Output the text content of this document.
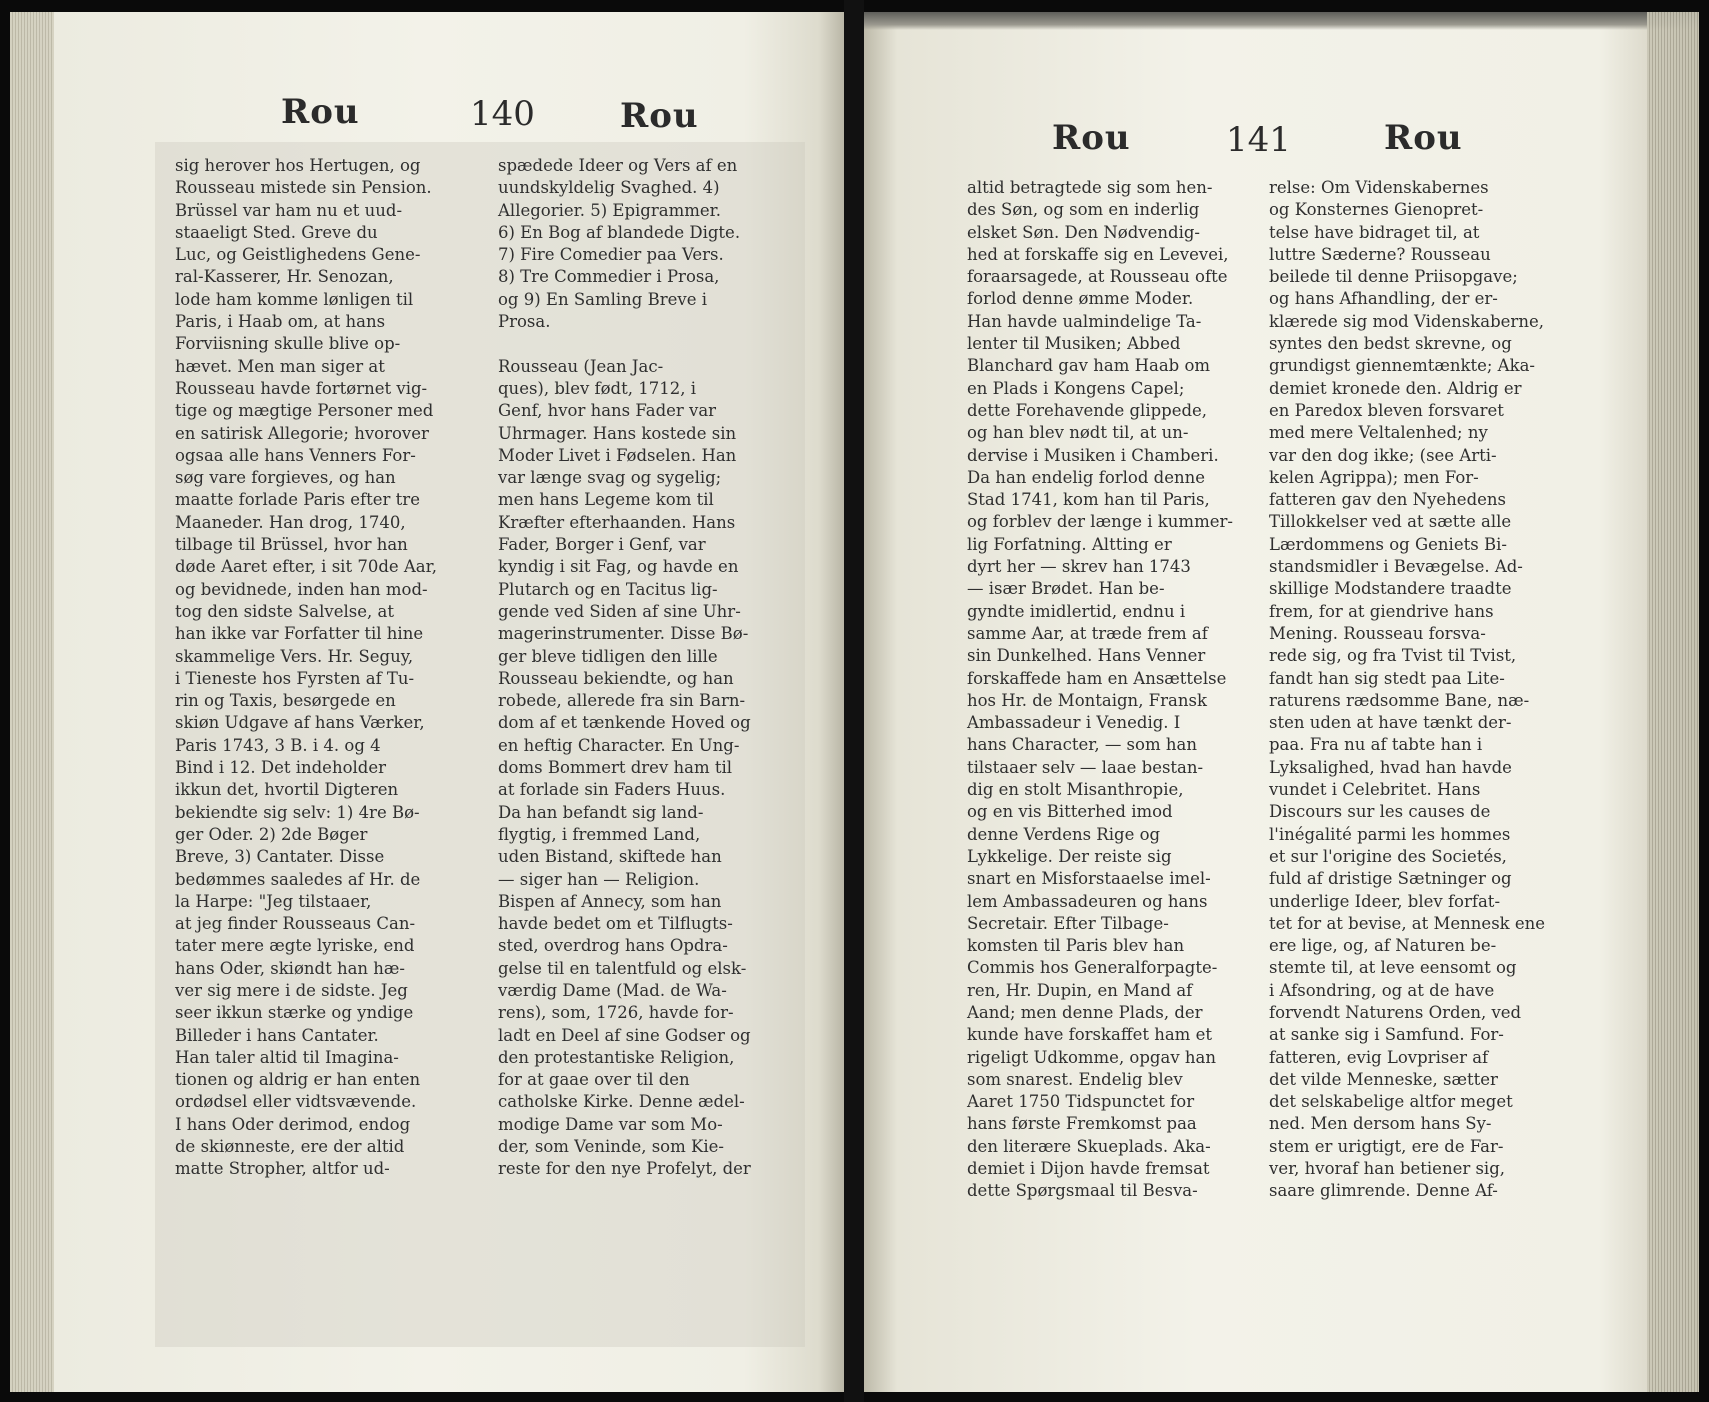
Rou	140	Rou
sig herover hos Hertugen, og
Rousseau mistede sin Pension.
Brüssel var ham nu et uud-
staaeligt Sted. Greve du
Luc, og Geistlighedens Gene-
ral-Kasserer, Hr. Senozan,
lode ham komme lønligen til
Paris, i Haab om, at hans
Forviisning skulle blive op-
hævet. Men man siger at
Rousseau havde fortørnet vig-
tige og mægtige Personer med
en satirisk Allegorie; hvorover
ogsaa alle hans Venners For-
søg vare forgieves, og han
maatte forlade Paris efter tre
Maaneder. Han drog, 1740,
tilbage til Brüssel, hvor han
døde Aaret efter, i sit 70de Aar,
og bevidnede, inden han mod-
tog den sidste Salvelse, at
han ikke var Forfatter til hine
skammelige Vers. Hr. Seguy,
i Tieneste hos Fyrsten af Tu-
rin og Taxis, besørgede en
skiøn Udgave af hans Værker,
Paris 1743, 3 B. i 4. og 4
Bind i 12. Det indeholder
ikkun det, hvortil Digteren
bekiendte sig selv: 1) 4re Bø-
ger Oder. 2) 2de Bøger
Breve, 3) Cantater. Disse
bedømmes saaledes af Hr. de
la Harpe: "Jeg tilstaaer,
at jeg finder Rousseaus Can-
tater mere ægte lyriske, end
hans Oder, skiøndt han hæ-
ver sig mere i de sidste. Jeg
seer ikkun stærke og yndige
Billeder i hans Cantater.
Han taler altid til Imagina-
tionen og aldrig er han enten
ordødsel eller vidtsvævende.
I hans Oder derimod, endog
de skiønneste, ere der altid
matte Stropher, altfor ud-
spædede Ideer og Vers af en
uundskyldelig Svaghed. 4)
Allegorier. 5) Epigrammer.
6) En Bog af blandede Digte.
7) Fire Comedier paa Vers.
8) Tre Commedier i Prosa,
og 9) En Samling Breve i
Prosa.
Rousseau (Jean Jac-
ques), blev født, 1712, i
Genf, hvor hans Fader var
Uhrmager. Hans kostede sin
Moder Livet i Fødselen. Han
var længe svag og sygelig;
men hans Legeme kom til
Kræfter efterhaanden. Hans
Fader, Borger i Genf, var
kyndig i sit Fag, og havde en
Plutarch og en Tacitus lig-
gende ved Siden af sine Uhr-
magerinstrumenter. Disse Bø-
ger bleve tidligen den lille
Rousseau bekiendte, og han
robede, allerede fra sin Barn-
dom af et tænkende Hoved og
en heftig Character. En Ung-
doms Bommert drev ham til
at forlade sin Faders Huus.
Da han befandt sig land-
flygtig, i fremmed Land,
uden Bistand, skiftede han
— siger han — Religion.
Bispen af Annecy, som han
havde bedet om et Tilflugts-
sted, overdrog hans Opdra-
gelse til en talentfuld og elsk-
værdig Dame (Mad. de Wa-
rens), som, 1726, havde for-
ladt en Deel af sine Godser og
den protestantiske Religion,
for at gaae over til den
catholske Kirke. Denne ædel-
modige Dame var som Mo-
der, som Veninde, som Kie-
reste for den nye Profelyt, der
Rou	141	Rou
altid betragtede sig som hen-
des Søn, og som en inderlig
elsket Søn. Den Nødvendig-
hed at forskaffe sig en Levevei,
foraarsagede, at Rousseau ofte
forlod denne ømme Moder.
Han havde ualmindelige Ta-
lenter til Musiken; Abbed
Blanchard gav ham Haab om
en Plads i Kongens Capel;
dette Forehavende glippede,
og han blev nødt til, at un-
dervise i Musiken i Chamberi.
Da han endelig forlod denne
Stad 1741, kom han til Paris,
og forblev der længe i kummer-
lig Forfatning. Altting er
dyrt her — skrev han 1743
— især Brødet. Han be-
gyndte imidlertid, endnu i
samme Aar, at træde frem af
sin Dunkelhed. Hans Venner
forskaffede ham en Ansættelse
hos Hr. de Montaign, Fransk
Ambassadeur i Venedig. I
hans Character, — som han
tilstaaer selv — laae bestan-
dig en stolt Misanthropie,
og en vis Bitterhed imod
denne Verdens Rige og
Lykkelige. Der reiste sig
snart en Misforstaaelse imel-
lem Ambassadeuren og hans
Secretair. Efter Tilbage-
komsten til Paris blev han
Commis hos Generalforpagte-
ren, Hr. Dupin, en Mand af
Aand; men denne Plads, der
kunde have forskaffet ham et
rigeligt Udkomme, opgav han
som snarest. Endelig blev
Aaret 1750 Tidspunctet for
hans første Fremkomst paa
den literære Skueplads. Aka-
demiet i Dijon havde fremsat
dette Spørgsmaal til Besva-
relse: Om Videnskabernes
og Konsternes Gienopret-
telse have bidraget til, at
luttre Sæderne? Rousseau
beilede til denne Priisopgave;
og hans Afhandling, der er-
klærede sig mod Videnskaberne,
syntes den bedst skrevne, og
grundigst giennemtænkte; Aka-
demiet kronede den. Aldrig er
en Paredox bleven forsvaret
med mere Veltalenhed; ny
var den dog ikke; (see Arti-
kelen Agrippa); men For-
fatteren gav den Nyehedens
Tillokkelser ved at sætte alle
Lærdommens og Geniets Bi-
standsmidler i Bevægelse. Ad-
skillige Modstandere traadte
frem, for at giendrive hans
Mening. Rousseau forsva-
rede sig, og fra Tvist til Tvist,
fandt han sig stedt paa Lite-
raturens rædsomme Bane, næ-
sten uden at have tænkt der-
paa. Fra nu af tabte han i
Lyksalighed, hvad han havde
vundet i Celebritet. Hans
Discours sur les causes de
l'inégalité parmi les hommes
et sur l'origine des Societés,
fuld af dristige Sætninger og
underlige Ideer, blev forfat-
tet for at bevise, at Mennesk ene
ere lige, og, af Naturen be-
stemte til, at leve eensomt og
i Afsondring, og at de have
forvendt Naturens Orden, ved
at sanke sig i Samfund. For-
fatteren, evig Lovpriser af
det vilde Menneske, sætter
det selskabelige altfor meget
ned. Men dersom hans Sy-
stem er urigtigt, ere de Far-
ver, hvoraf han betiener sig,
saare glimrende. Denne Af-
